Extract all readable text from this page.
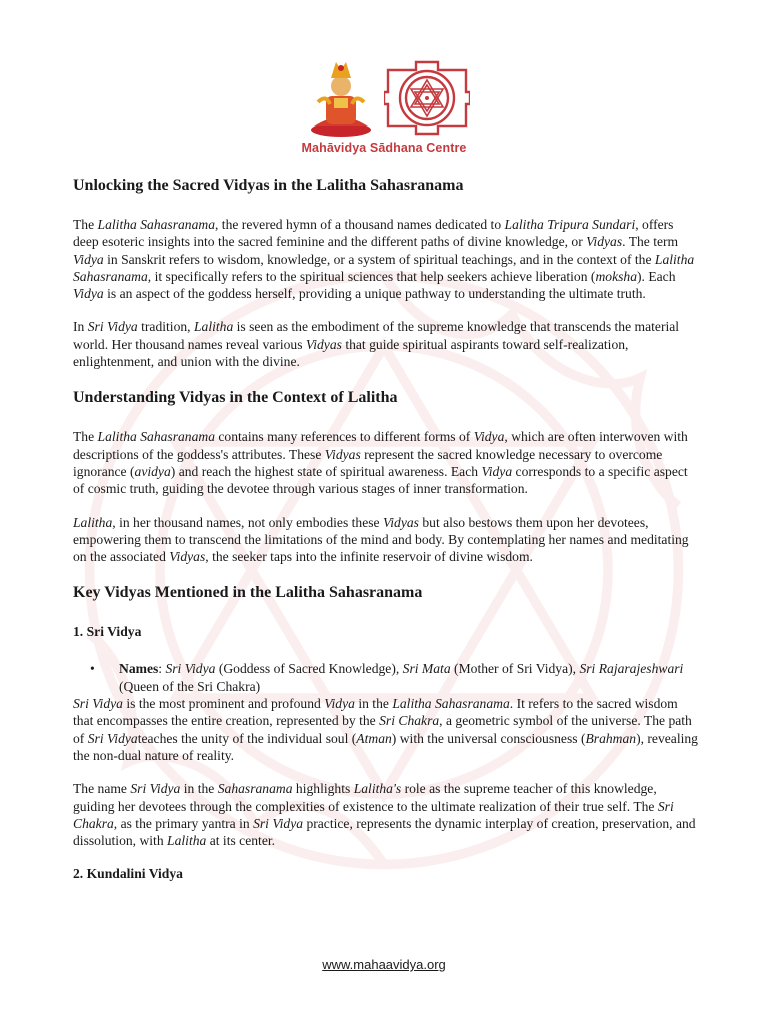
Mahāvidya Sādhana Centre
Unlocking the Sacred Vidyas in the Lalitha Sahasranama

The Lalitha Sahasranama, the revered hymn of a thousand names dedicated to Lalitha Tripura Sundari, offers deep esoteric insights into the sacred feminine and the different paths of divine knowledge, or Vidyas. The term Vidya in Sanskrit refers to wisdom, knowledge, or a system of spiritual teachings, and in the context of the Lalitha Sahasranama, it specifically refers to the spiritual sciences that help seekers achieve liberation (moksha). Each Vidya is an aspect of the goddess herself, providing a unique pathway to understanding the ultimate truth.

In Sri Vidya tradition, Lalitha is seen as the embodiment of the supreme knowledge that transcends the material world. Her thousand names reveal various Vidyas that guide spiritual aspirants toward self-realization, enlightenment, and union with the divine.

Understanding Vidyas in the Context of Lalitha

The Lalitha Sahasranama contains many references to different forms of Vidya, which are often interwoven with descriptions of the goddess's attributes. These Vidyas represent the sacred knowledge necessary to overcome ignorance (avidya) and reach the highest state of spiritual awareness. Each Vidya corresponds to a specific aspect of cosmic truth, guiding the devotee through various stages of inner transformation.

Lalitha, in her thousand names, not only embodies these Vidyas but also bestows them upon her devotees, empowering them to transcend the limitations of the mind and body. By contemplating her names and meditating on the associated Vidyas, the seeker taps into the infinite reservoir of divine wisdom.

Key Vidyas Mentioned in the Lalitha Sahasranama
1. Sri Vidya
• Names: Sri Vidya (Goddess of Sacred Knowledge), Sri Mata (Mother of Sri Vidya), Sri Rajarajeshwari (Queen of the Sri Chakra)

Sri Vidya is the most prominent and profound Vidya in the Lalitha Sahasranama. It refers to the sacred wisdom that encompasses the entire creation, represented by the Sri Chakra, a geometric symbol of the universe. The path of Sri Vidyateaches the unity of the individual soul (Atman) with the universal consciousness (Brahman), revealing the non-dual nature of reality.

The name Sri Vidya in the Sahasranama highlights Lalitha's role as the supreme teacher of this knowledge, guiding her devotees through the complexities of existence to the ultimate realization of their true self. The Sri Chakra, as the primary yantra in Sri Vidya practice, represents the dynamic interplay of creation, preservation, and dissolution, with Lalitha at its center.

2. Kundalini Vidya
www.mahaavidya.org
